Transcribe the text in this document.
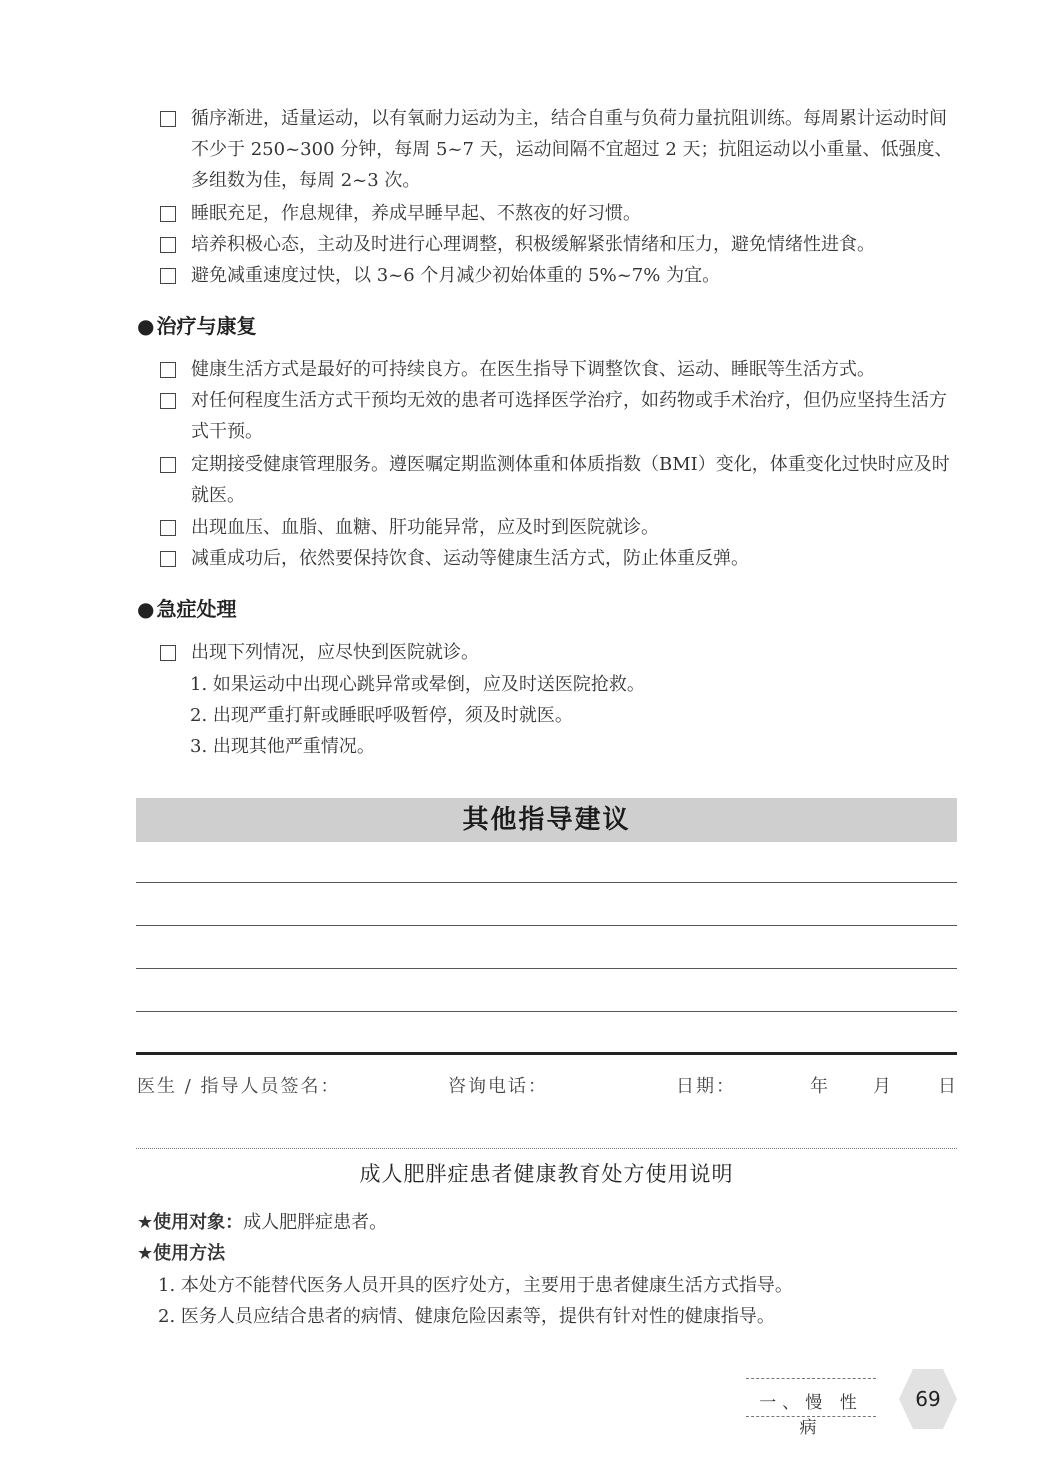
循序渐进，适量运动，以有氧耐力运动为主，结合自重与负荷力量抗阻训练。每周累计运动时间不少于 250~300 分钟，每周 5~7 天，运动间隔不宜超过 2 天；抗阻运动以小重量、低强度、多组数为佳，每周 2~3 次。
睡眠充足，作息规律，养成早睡早起、不熬夜的好习惯。
培养积极心态，主动及时进行心理调整，积极缓解紧张情绪和压力，避免情绪性进食。
避免减重速度过快，以 3~6 个月减少初始体重的 5%~7% 为宜。
● 治疗与康复
健康生活方式是最好的可持续良方。在医生指导下调整饮食、运动、睡眠等生活方式。
对任何程度生活方式干预均无效的患者可选择医学治疗，如药物或手术治疗，但仍应坚持生活方式干预。
定期接受健康管理服务。遵医嘱定期监测体重和体质指数（BMI）变化，体重变化过快时应及时就医。
出现血压、血脂、血糖、肝功能异常，应及时到医院就诊。
减重成功后，依然要保持饮食、运动等健康生活方式，防止体重反弹。
● 急症处理
出现下列情况，应尽快到医院就诊。
1. 如果运动中出现心跳异常或晕倒，应及时送医院抢救。
2. 出现严重打鼾或睡眠呼吸暂停，须及时就医。
3. 出现其他严重情况。
其他指导建议
医生 / 指导人员签名：	咨询电话：	日期：	年 月	日
成人肥胖症患者健康教育处方使用说明
★使用对象：成人肥胖症患者。
★使用方法
1. 本处方不能替代医务人员开具的医疗处方，主要用于患者健康生活方式指导。
2. 医务人员应结合患者的病情、健康危险因素等，提供有针对性的健康指导。
一、慢 性 病
69
